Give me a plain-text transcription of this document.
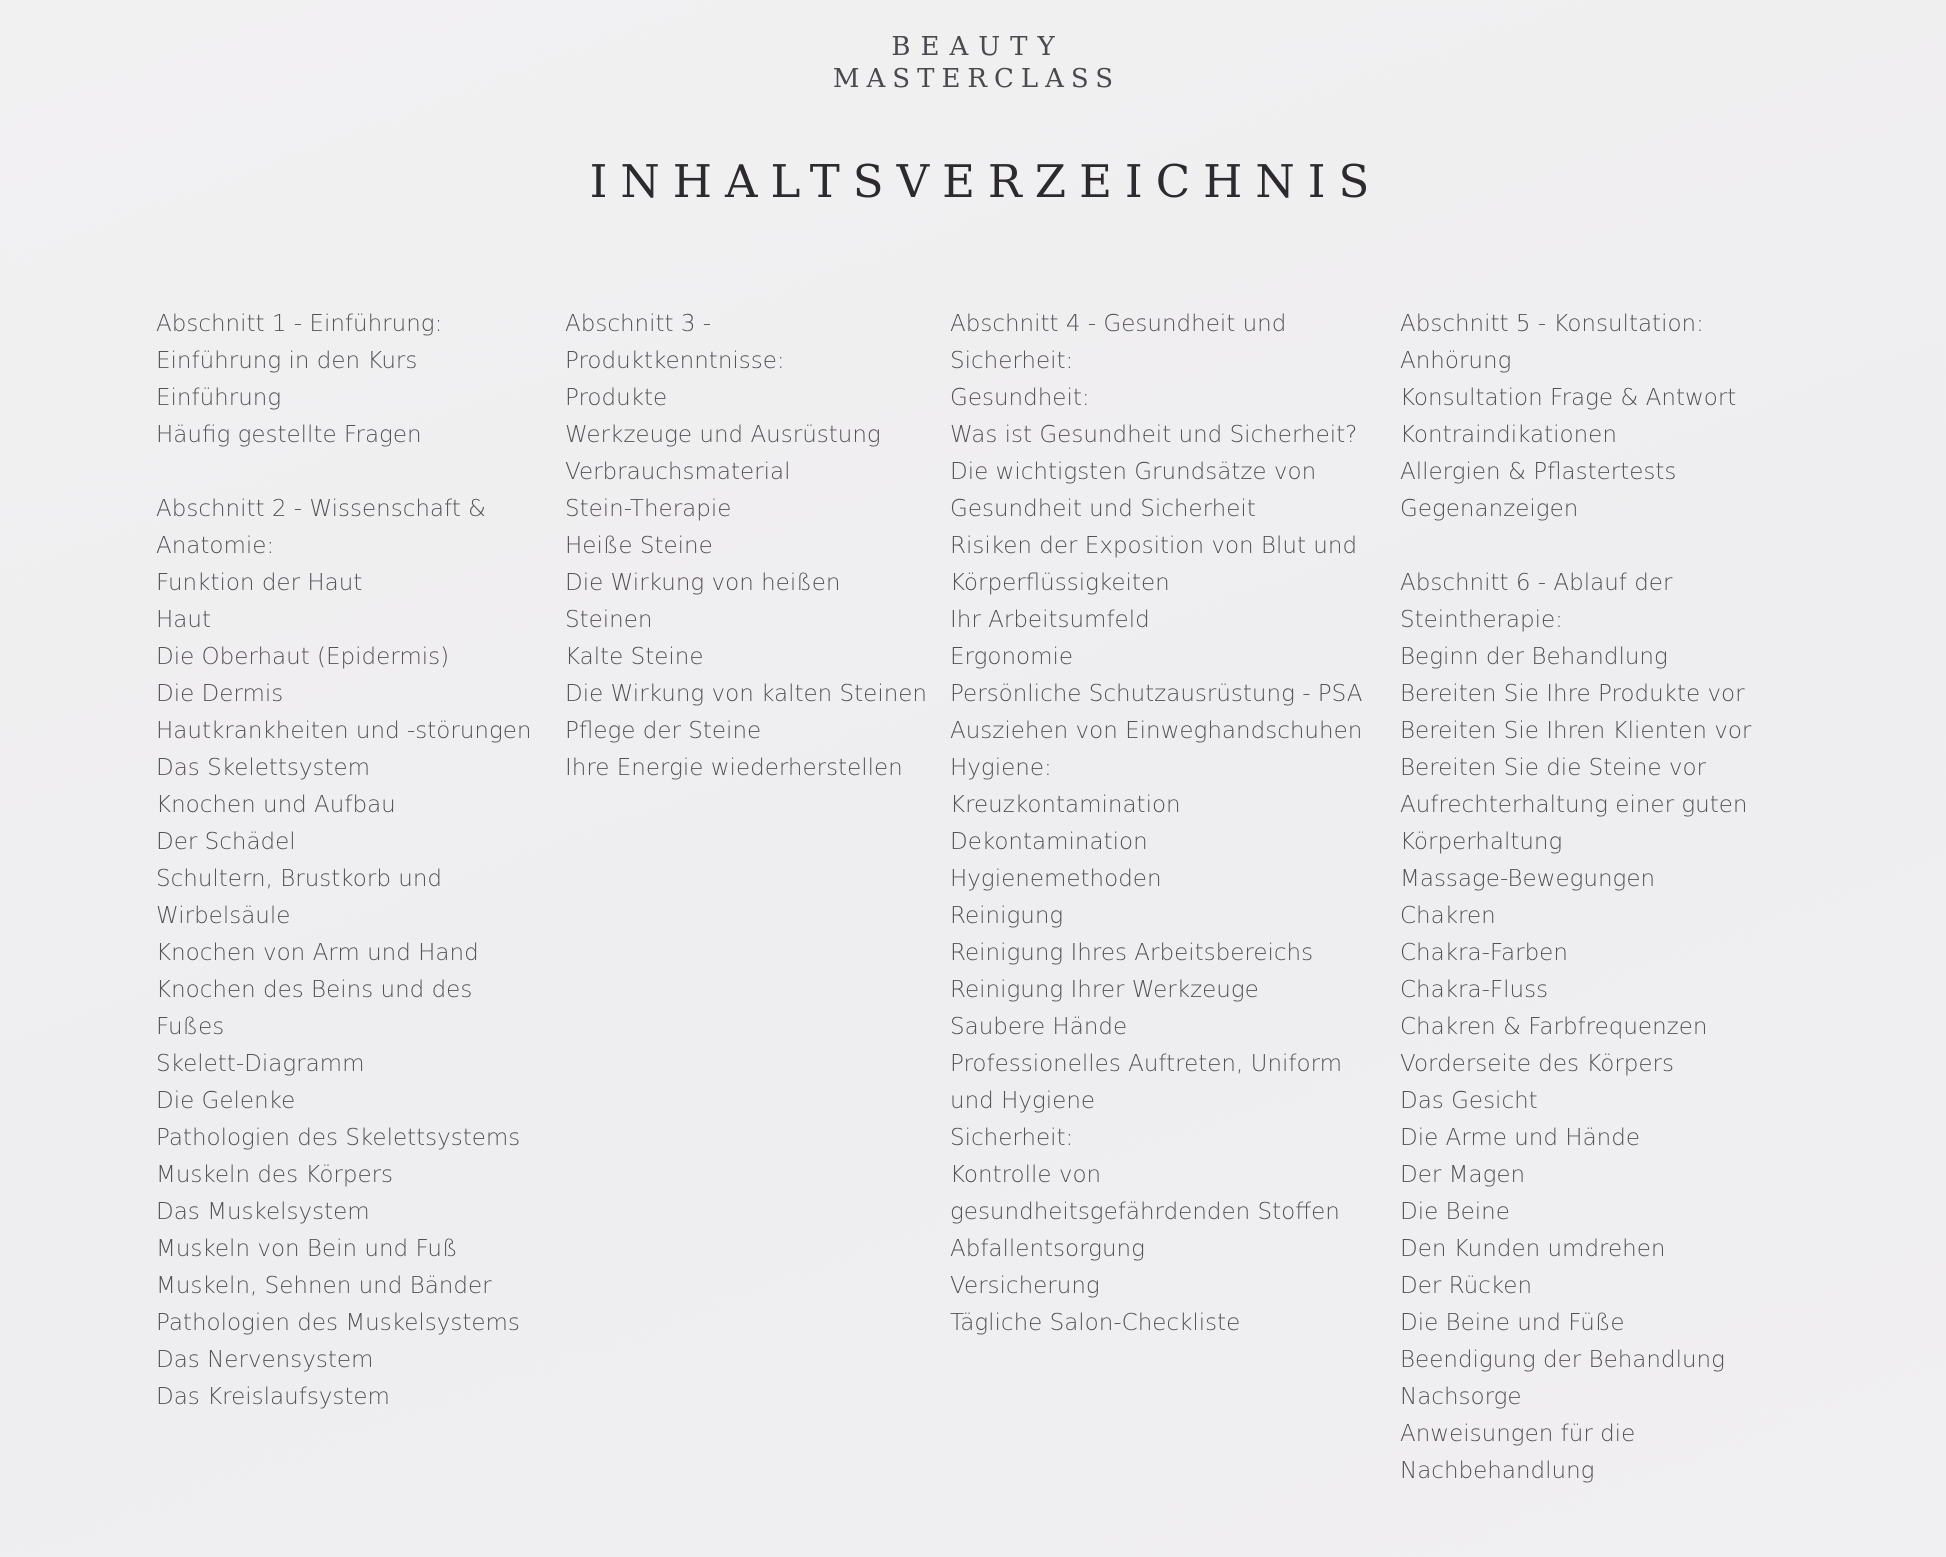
BEAUTY
MASTERCLASS
INHALTSVERZEICHNIS
Abschnitt 1 - Einführung:
Einführung in den Kurs
Einführung
Häufig gestellte Fragen
Abschnitt 2 - Wissenschaft &
Anatomie:
Funktion der Haut
Haut
Die Oberhaut (Epidermis)
Die Dermis
Hautkrankheiten und -störungen
Das Skelettsystem
Knochen und Aufbau
Der Schädel
Schultern, Brustkorb und
Wirbelsäule
Knochen von Arm und Hand
Knochen des Beins und des
Fußes
Skelett-Diagramm
Die Gelenke
Pathologien des Skelettsystems
Muskeln des Körpers
Das Muskelsystem
Muskeln von Bein und Fuß
Muskeln, Sehnen und Bänder
Pathologien des Muskelsystems
Das Nervensystem
Das Kreislaufsystem
Abschnitt 3 -
Produktkenntnisse:
Produkte
Werkzeuge und Ausrüstung
Verbrauchsmaterial
Stein-Therapie
Heiße Steine
Die Wirkung von heißen
Steinen
Kalte Steine
Die Wirkung von kalten Steinen
Pflege der Steine
Ihre Energie wiederherstellen
Abschnitt 4 - Gesundheit und
Sicherheit:
Gesundheit:
Was ist Gesundheit und Sicherheit?
Die wichtigsten Grundsätze von
Gesundheit und Sicherheit
Risiken der Exposition von Blut und
Körperflüssigkeiten
Ihr Arbeitsumfeld
Ergonomie
Persönliche Schutzausrüstung - PSA
Ausziehen von Einweghandschuhen
Hygiene:
Kreuzkontamination
Dekontamination
Hygienemethoden
Reinigung
Reinigung Ihres Arbeitsbereichs
Reinigung Ihrer Werkzeuge
Saubere Hände
Professionelles Auftreten, Uniform
und Hygiene
Sicherheit:
Kontrolle von
gesundheitsgefährdenden Stoffen
Abfallentsorgung
Versicherung
Tägliche Salon-Checkliste
Abschnitt 5 - Konsultation:
Anhörung
Konsultation Frage & Antwort
Kontraindikationen
Allergien & Pflastertests
Gegenanzeigen
Abschnitt 6 - Ablauf der
Steintherapie:
Beginn der Behandlung
Bereiten Sie Ihre Produkte vor
Bereiten Sie Ihren Klienten vor
Bereiten Sie die Steine vor
Aufrechterhaltung einer guten
Körperhaltung
Massage-Bewegungen
Chakren
Chakra-Farben
Chakra-Fluss
Chakren & Farbfrequenzen
Vorderseite des Körpers
Das Gesicht
Die Arme und Hände
Der Magen
Die Beine
Den Kunden umdrehen
Der Rücken
Die Beine und Füße
Beendigung der Behandlung
Nachsorge
Anweisungen für die
Nachbehandlung
